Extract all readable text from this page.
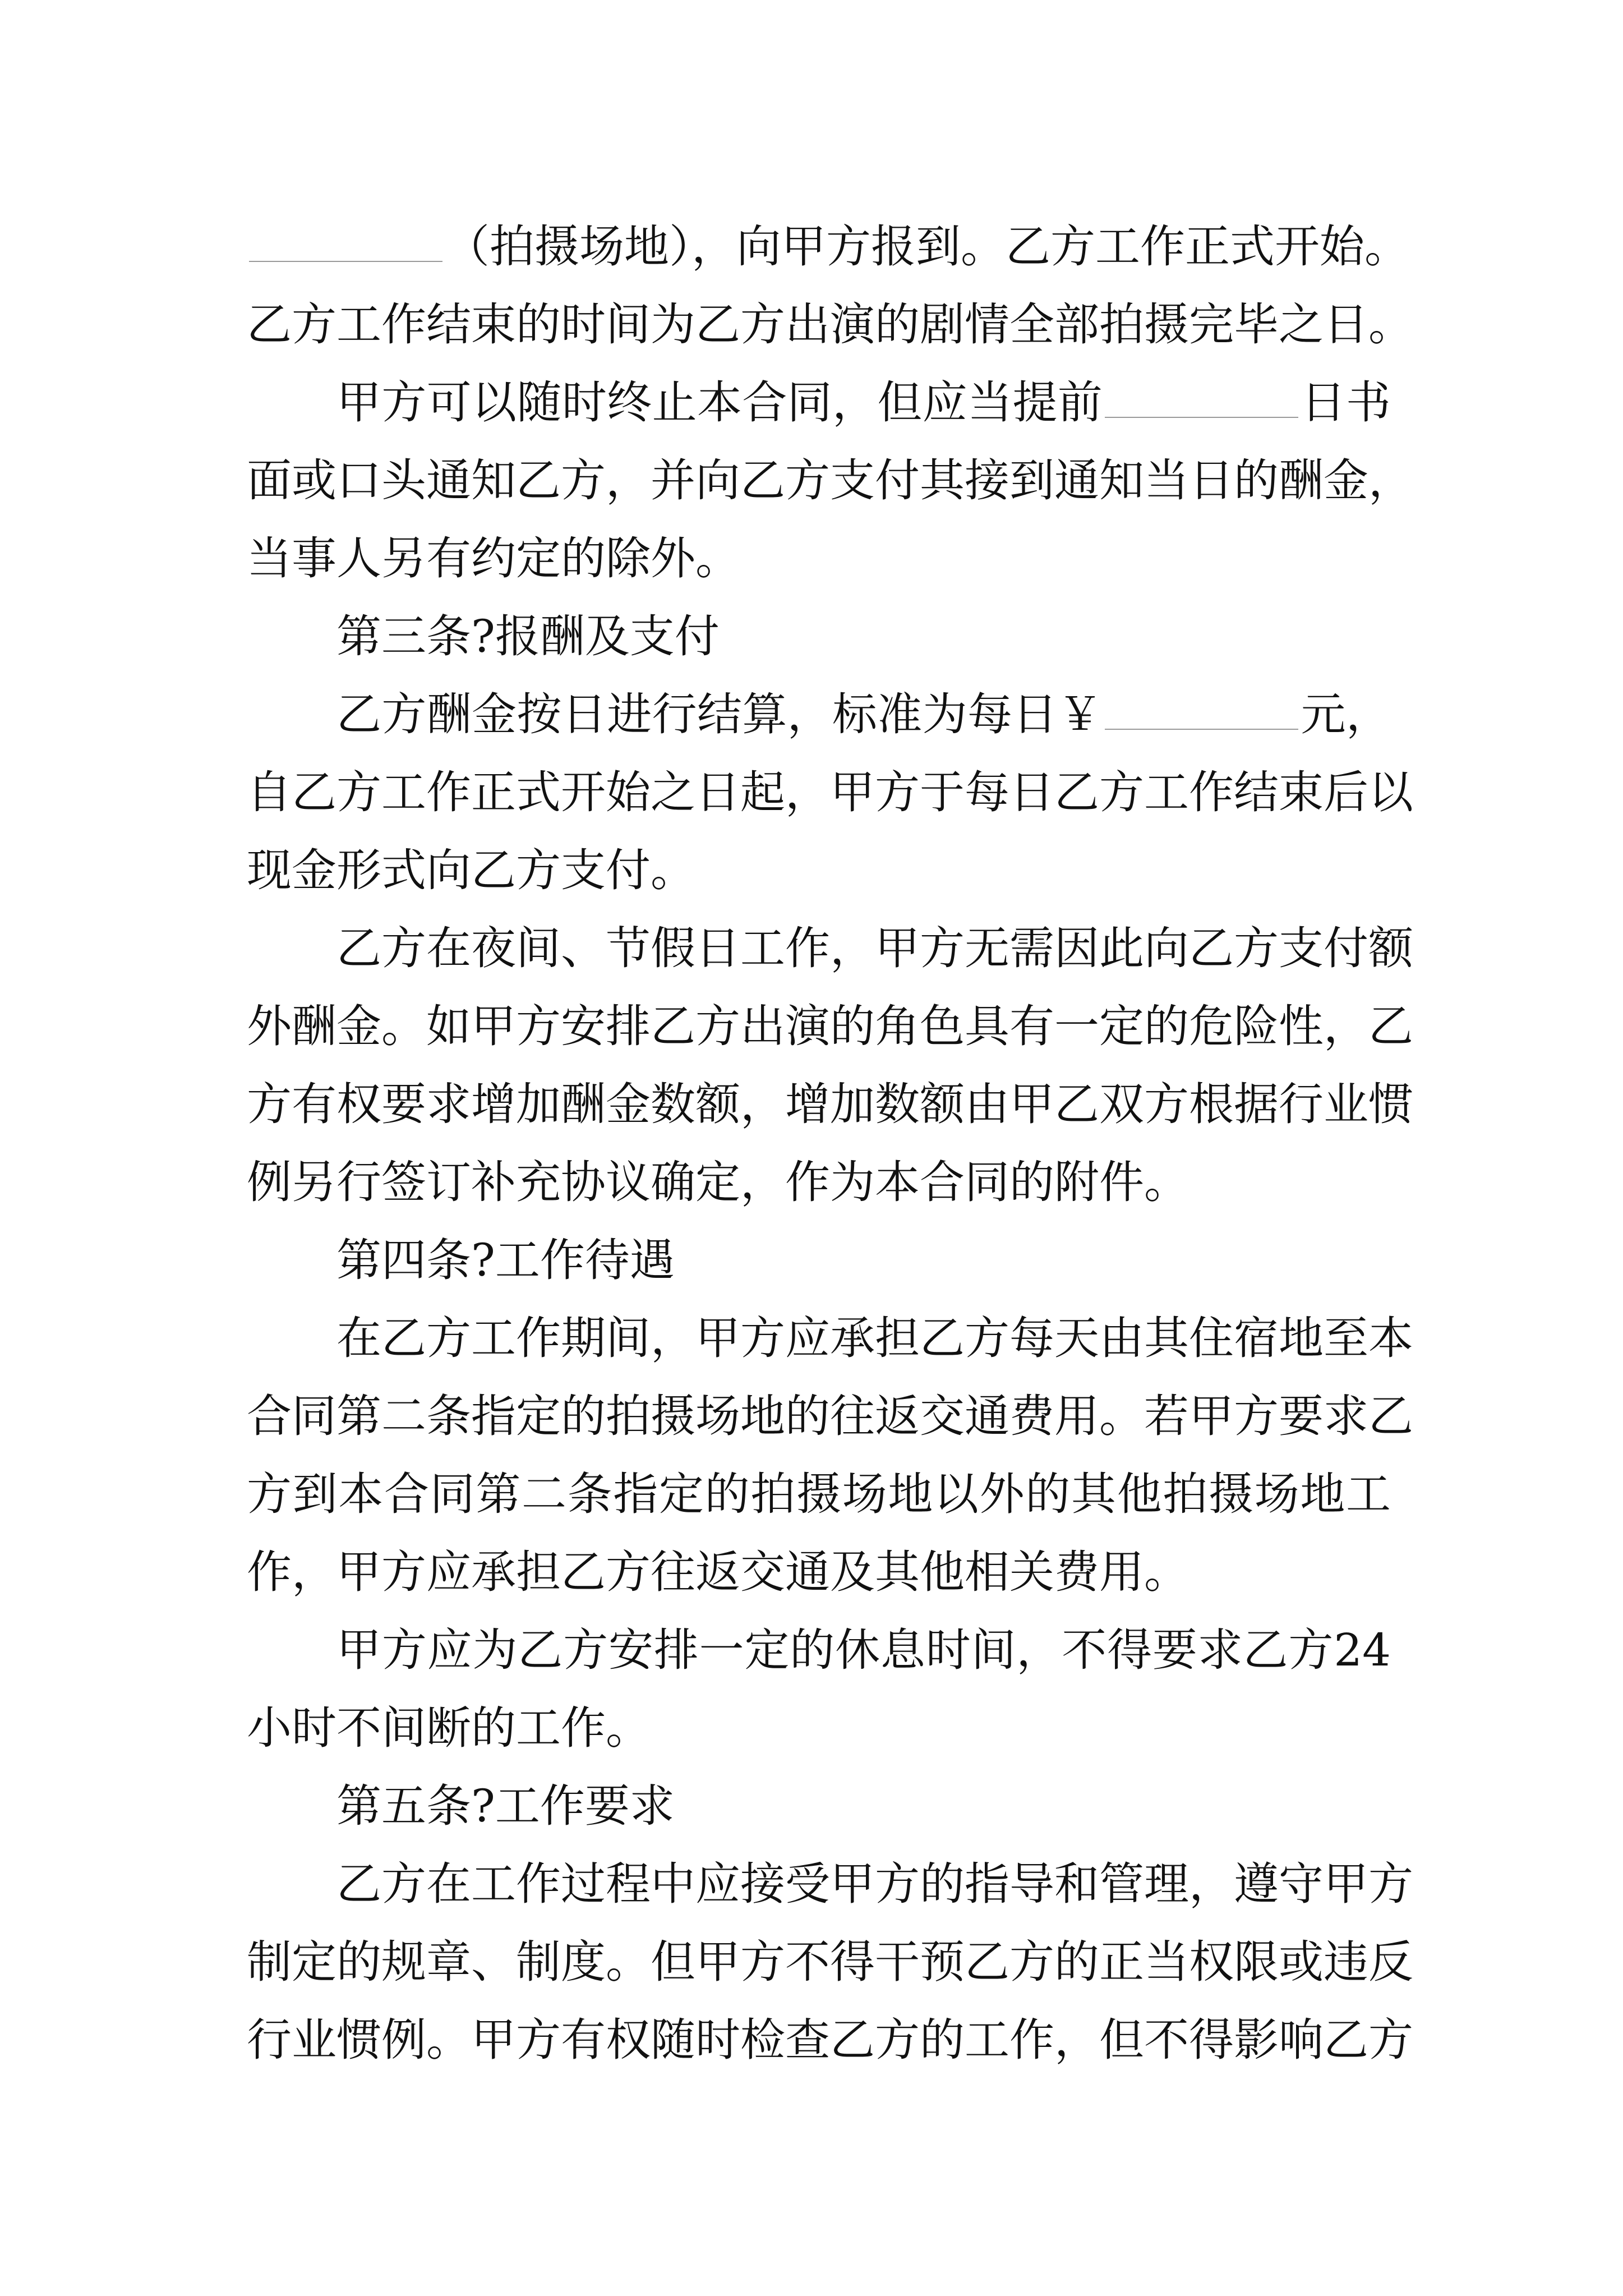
（拍摄场地），向甲方报到。乙方工作正式开始。
乙方工作结束的时间为乙方出演的剧情全部拍摄完毕之日。
甲方可以随时终止本合同，但应当提前	日书
面或口头通知乙方，并向乙方支付其接到通知当日的酬金，
当事人另有约定的除外。
第三条?报酬及支付
乙方酬金按日进行结算，标准为每日￥	元，
自乙方工作正式开始之日起，甲方于每日乙方工作结束后以
现金形式向乙方支付。
乙方在夜间、节假日工作，甲方无需因此向乙方支付额
外酬金。如甲方安排乙方出演的角色具有一定的危险性，乙
方有权要求增加酬金数额，增加数额由甲乙双方根据行业惯
例另行签订补充协议确定，作为本合同的附件。
第四条?工作待遇
在乙方工作期间，甲方应承担乙方每天由其住宿地至本
合同第二条指定的拍摄场地的往返交通费用。若甲方要求乙
方到本合同第二条指定的拍摄场地以外的其他拍摄场地工
作，甲方应承担乙方往返交通及其他相关费用。
甲方应为乙方安排一定的休息时间，不得要求乙方24
小时不间断的工作。
第五条?工作要求
乙方在工作过程中应接受甲方的指导和管理，遵守甲方
制定的规章、制度。但甲方不得干预乙方的正当权限或违反
行业惯例。甲方有权随时检查乙方的工作，但不得影响乙方
